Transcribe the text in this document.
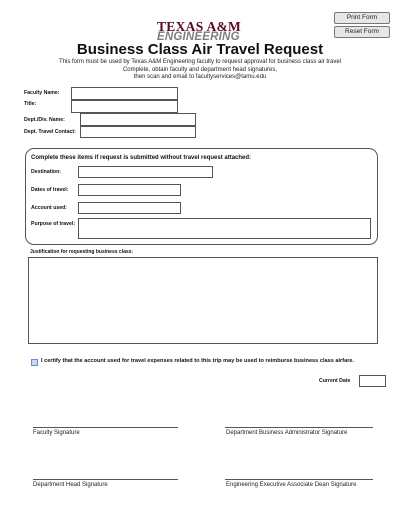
Print Form
Reset Form
TEXAS A&M
ENGINEERING
Business Class Air Travel Request
This form must be used by Texas A&M Engineering faculty to request approval for business class air travel
Complete, obtain faculty and department head signatures,
then scan and email to facultyservices@tamu.edu
Faculty Name:
Title:
Dept./Div. Name:
Dept. Travel Contact:
Complete these items if request is submitted without travel request attached:
Destination:
Dates of travel:
Account used:
Purpose of travel:
Justification for requesting business class:
I certify that the account used for travel expenses related to this trip may be used to reimburse business class airfare.
Current Date
Faculty Signature	Department Business Administrator Signature
Department Head Signature	Engineering Executive Associate Dean Signature
